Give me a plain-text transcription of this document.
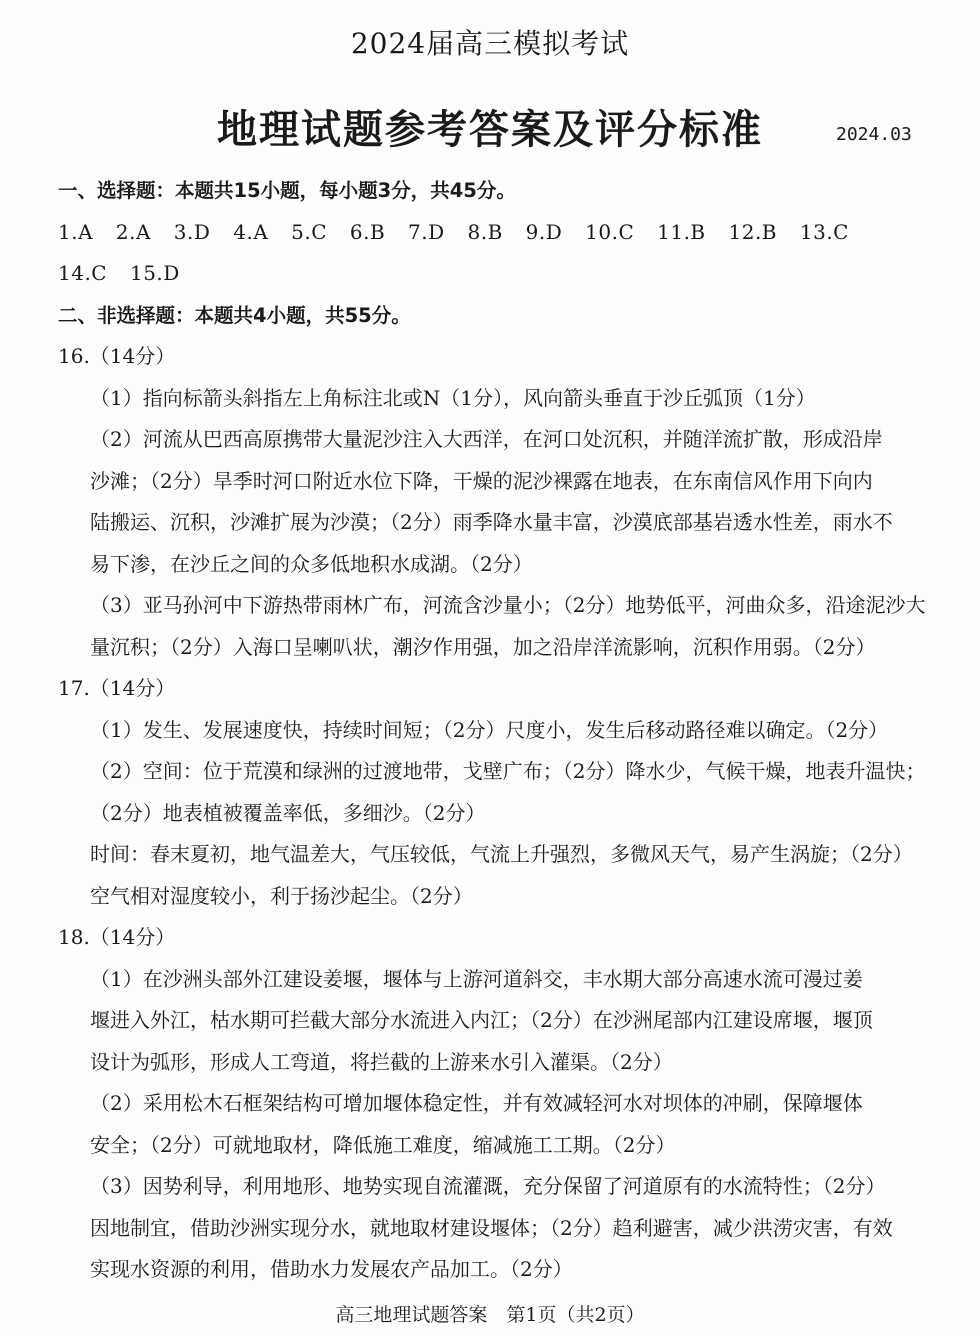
2024届高三模拟考试
地理试题参考答案及评分标准	2024.03
一、选择题：本题共15小题，每小题3分，共45分。
1.A 2.A 3.D 4.A 5.C 6.B 7.D 8.B 9.D 10.C 11.B 12.B 13.C
14.C 15.D
二、非选择题：本题共4小题，共55分。
16.（14分）
（1）指向标箭头斜指左上角标注北或N（1分），风向箭头垂直于沙丘弧顶（1分）
（2）河流从巴西高原携带大量泥沙注入大西洋，在河口处沉积，并随洋流扩散，形成沿岸
沙滩；（2分）旱季时河口附近水位下降，干燥的泥沙裸露在地表，在东南信风作用下向内
陆搬运、沉积，沙滩扩展为沙漠；（2分）雨季降水量丰富，沙漠底部基岩透水性差，雨水不
易下渗，在沙丘之间的众多低地积水成湖。（2分）
（3）亚马孙河中下游热带雨林广布，河流含沙量小；（2分）地势低平，河曲众多，沿途泥沙大
量沉积；（2分）入海口呈喇叭状，潮汐作用强，加之沿岸洋流影响，沉积作用弱。（2分）
17.（14分）
（1）发生、发展速度快，持续时间短；（2分）尺度小，发生后移动路径难以确定。（2分）
（2）空间：位于荒漠和绿洲的过渡地带，戈壁广布；（2分）降水少，气候干燥，地表升温快；
（2分）地表植被覆盖率低，多细沙。（2分）
时间：春末夏初，地气温差大，气压较低，气流上升强烈，多微风天气，易产生涡旋；（2分）
空气相对湿度较小，利于扬沙起尘。（2分）
18.（14分）
（1）在沙洲头部外江建设姜堰，堰体与上游河道斜交，丰水期大部分高速水流可漫过姜
堰进入外江，枯水期可拦截大部分水流进入内江；（2分）在沙洲尾部内江建设席堰，堰顶
设计为弧形，形成人工弯道，将拦截的上游来水引入灌渠。（2分）
（2）采用松木石框架结构可增加堰体稳定性，并有效减轻河水对坝体的冲刷，保障堰体
安全；（2分）可就地取材，降低施工难度，缩减施工工期。（2分）
（3）因势利导，利用地形、地势实现自流灌溉，充分保留了河道原有的水流特性；（2分）
因地制宜，借助沙洲实现分水，就地取材建设堰体；（2分）趋利避害，减少洪涝灾害，有效
实现水资源的利用，借助水力发展农产品加工。（2分）
高三地理试题答案　第1页（共2页）
